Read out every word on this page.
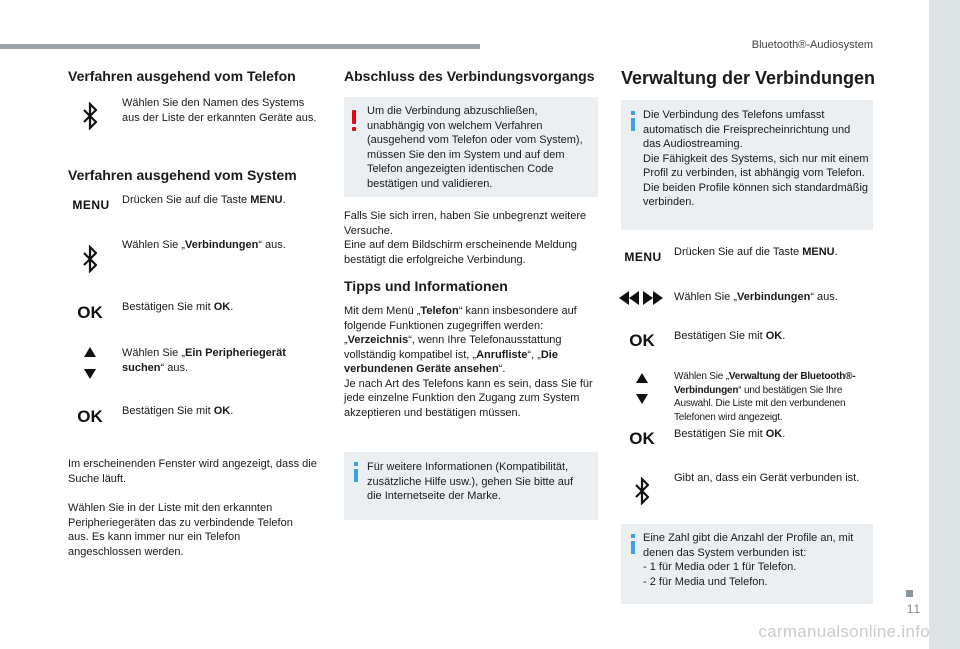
Bluetooth®-Audiosystem
11
carmanualsonline.info
Verfahren ausgehend vom Telefon
Wählen Sie den Namen des Systems aus der Liste der erkannten Geräte aus.
Verfahren ausgehend vom System
MENU Drücken Sie auf die Taste MENU.
Wählen Sie „Verbindungen“ aus.
OK Bestätigen Sie mit OK.
Wählen Sie „Ein Peripheriegerät suchen“ aus.
OK Bestätigen Sie mit OK.
Im erscheinenden Fenster wird angezeigt, dass die Suche läuft.
Wählen Sie in der Liste mit den erkannten Peripheriegeräten das zu verbindende Telefon aus. Es kann immer nur ein Telefon angeschlossen werden.
Abschluss des Verbindungsvorgangs
Um die Verbindung abzuschließen, unabhängig von welchem Verfahren (ausgehend vom Telefon oder vom System), müssen Sie den im System und auf dem Telefon angezeigten identischen Code bestätigen und validieren.
Falls Sie sich irren, haben Sie unbegrenzt weitere Versuche.
Eine auf dem Bildschirm erscheinende Meldung bestätigt die erfolgreiche Verbindung.
Tipps und Informationen
Mit dem Menü „Telefon“ kann insbesondere auf folgende Funktionen zugegriffen werden: „Verzeichnis“, wenn Ihre Telefonausstattung vollständig kompatibel ist, „Anrufliste“, „Die verbundenen Geräte ansehen“.
Je nach Art des Telefons kann es sein, dass Sie für jede einzelne Funktion den Zugang zum System akzeptieren und bestätigen müssen.
Für weitere Informationen (Kompatibilität, zusätzliche Hilfe usw.), gehen Sie bitte auf die Internetseite der Marke.
Verwaltung der Verbindungen
Die Verbindung des Telefons umfasst automatisch die Freisprecheinrichtung und das Audiostreaming.
Die Fähigkeit des Systems, sich nur mit einem Profil zu verbinden, ist abhängig vom Telefon. Die beiden Profile können sich standardmäßig verbinden.
MENU Drücken Sie auf die Taste MENU.
Wählen Sie „Verbindungen“ aus.
OK Bestätigen Sie mit OK.
Wählen Sie „Verwaltung der Bluetooth®-Verbindungen“ und bestätigen Sie Ihre Auswahl. Die Liste mit den verbundenen Telefonen wird angezeigt.
OK Bestätigen Sie mit OK.
Gibt an, dass ein Gerät verbunden ist.
Eine Zahl gibt die Anzahl der Profile an, mit denen das System verbunden ist:
- 1 für Media oder 1 für Telefon.
- 2 für Media und Telefon.
